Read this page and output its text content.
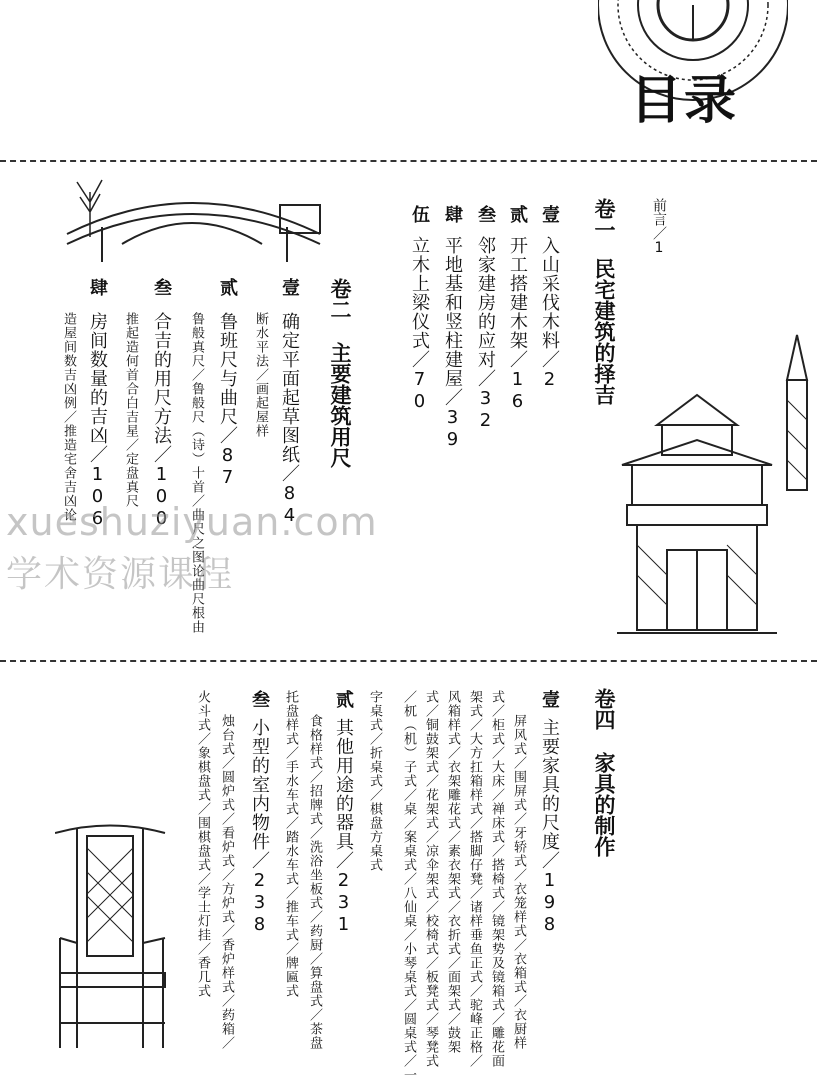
目录
前言／1
卷一
民宅建筑的择吉
壹
入山采伐木料／2
贰
开工搭建木架／16
叁
邻家建房的应对／32
肆
平地基和竖柱建屋／39
伍
立木上梁仪式／70
卷二
主要建筑用尺
壹
确定平面起草图纸／84
断水平法／画起屋样
贰
鲁班尺与曲尺／87
鲁般真尺／鲁般尺（诗）十首／曲尺之图论曲尺根由
叁
合吉的用尺方法／100
推起造何首合白吉星／定盘真尺
肆
房间数量的吉凶／106
造屋间数吉凶例／推造宅舍吉凶论
卷四
家具的制作
壹
主要家具的尺度／198
屏风式／围屏式／牙轿式／衣笼样式／衣箱式／衣厨样
式／柜式／大床／禅床式／搭椅式／镜架势及镜箱式／雕花面
架式／大方扛箱样式／搭脚仔凳／诸样垂鱼正式／驼峰正格／
风箱样式／衣架雕花式／素衣架式／衣折式／面架式／鼓架
式／铜鼓架式／花架式／凉伞架式／校椅式／板凳式／琴凳式
／杌（机）子式／桌／案桌式／八仙桌／小琴桌式／圆桌式／一
字桌式／折桌式／棋盘方桌式
贰
其他用途的器具／231
食格样式／招牌式／洗浴坐板式／药厨／算盘式／茶盘
托盘样式／手水车式／踏水车式／推车式／牌匾式
叁
小型的室内物件／238
烛台式／圆炉式／看炉式／方炉式／香炉样式／药箱／
火斗式／象棋盘式／围棋盘式／学士灯挂／香几式
xueshuziyuan.com
学术资源课程
